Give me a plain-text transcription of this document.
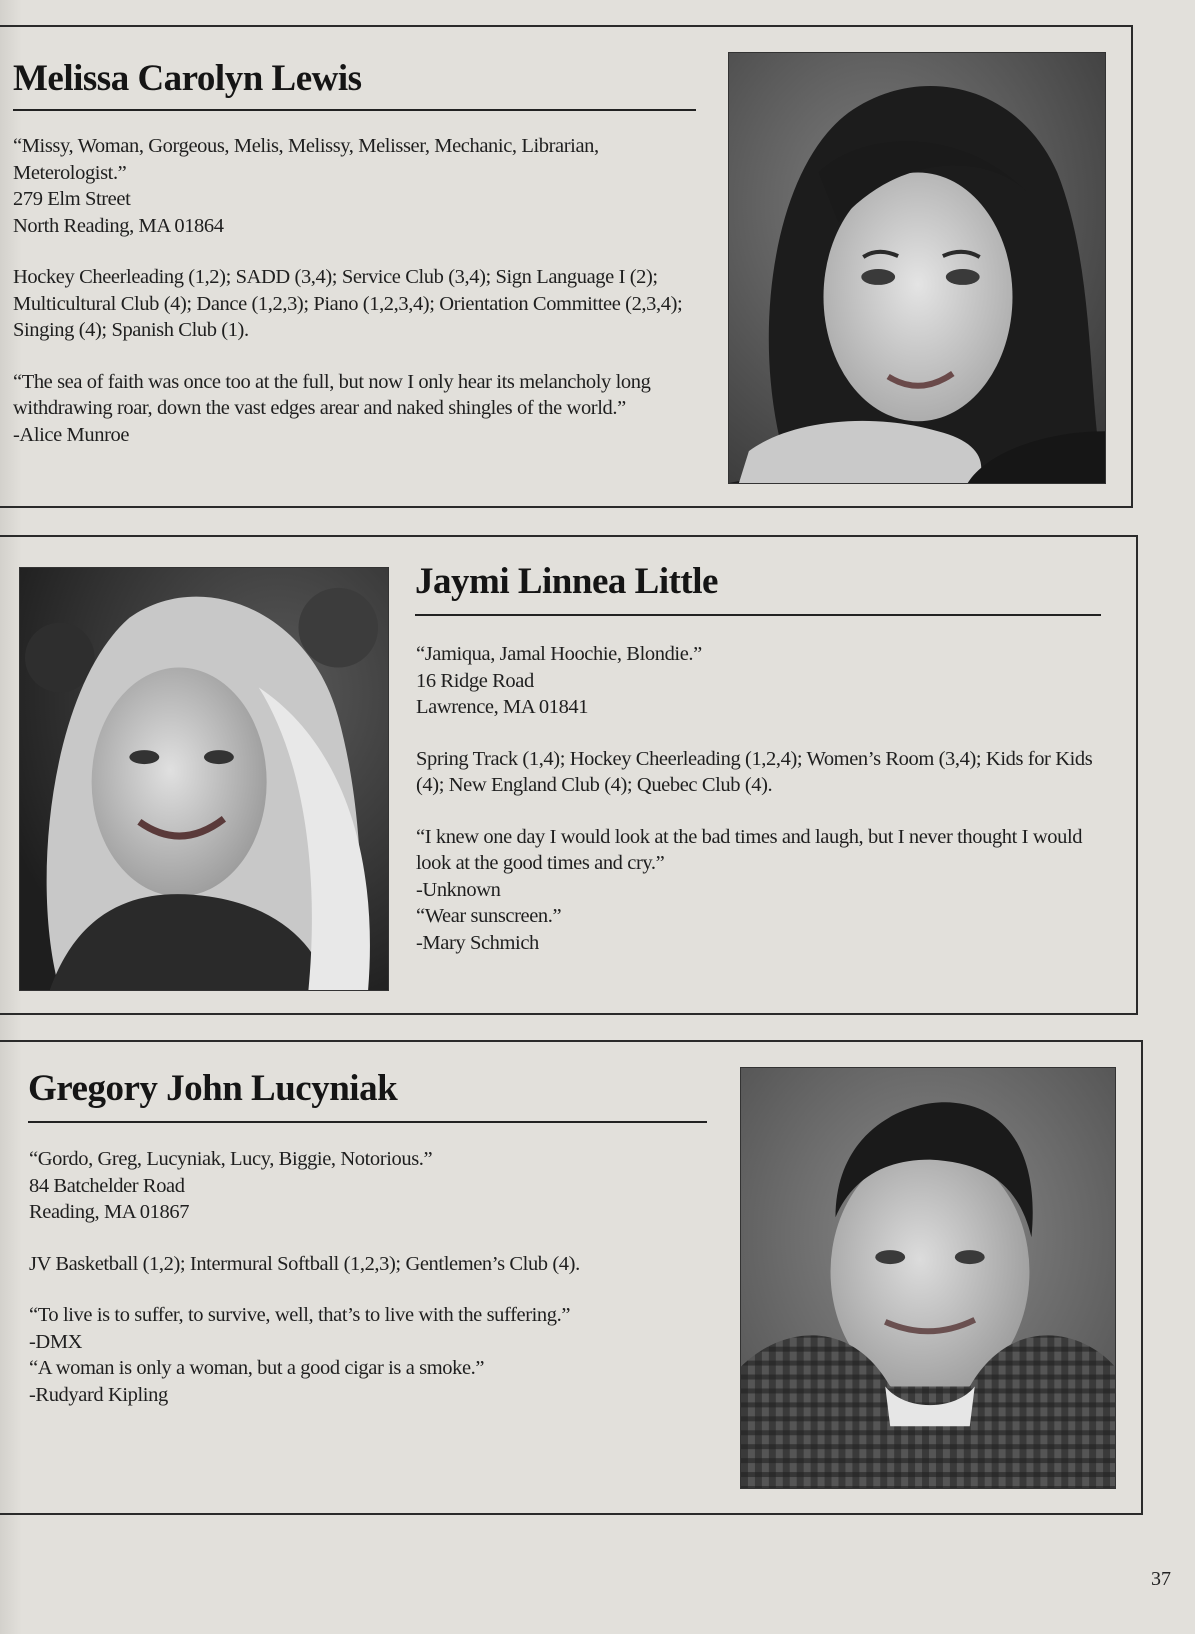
Melissa Carolyn Lewis

“Missy, Woman, Gorgeous, Melis, Melissy, Melisser, Mechanic, Librarian, Meterologist.”

279 Elm Street

North Reading, MA 01864

Hockey Cheerleading (1,2); SADD (3,4); Service Club (3,4); Sign Language I (2); Multicultural Club (4); Dance (1,2,3); Piano (1,2,3,4); Orientation Committee (2,3,4); Singing (4); Spanish Club (1).

“The sea of faith was once too at the full, but now I only hear its melancholy long withdrawing roar, down the vast edges arear and naked shingles of the world.”

-Alice Munroe

Jaymi Linnea Little

“Jamiqua, Jamal Hoochie, Blondie.”

16 Ridge Road

Lawrence, MA 01841

Spring Track (1,4); Hockey Cheerleading (1,2,4); Women’s Room (3,4); Kids for Kids (4); New England Club (4); Quebec Club (4).

“I knew one day I would look at the bad times and laugh, but I never thought I would look at the good times and cry.”

-Unknown

“Wear sunscreen.”

-Mary Schmich

Gregory John Lucyniak

“Gordo, Greg, Lucyniak, Lucy, Biggie, Notorious.”

84 Batchelder Road

Reading, MA 01867

JV Basketball (1,2); Intermural Softball (1,2,3); Gentlemen’s Club (4).

“To live is to suffer, to survive, well, that’s to live with the suffering.”

-DMX

“A woman is only a woman, but a good cigar is a smoke.”

-Rudyard Kipling

37
